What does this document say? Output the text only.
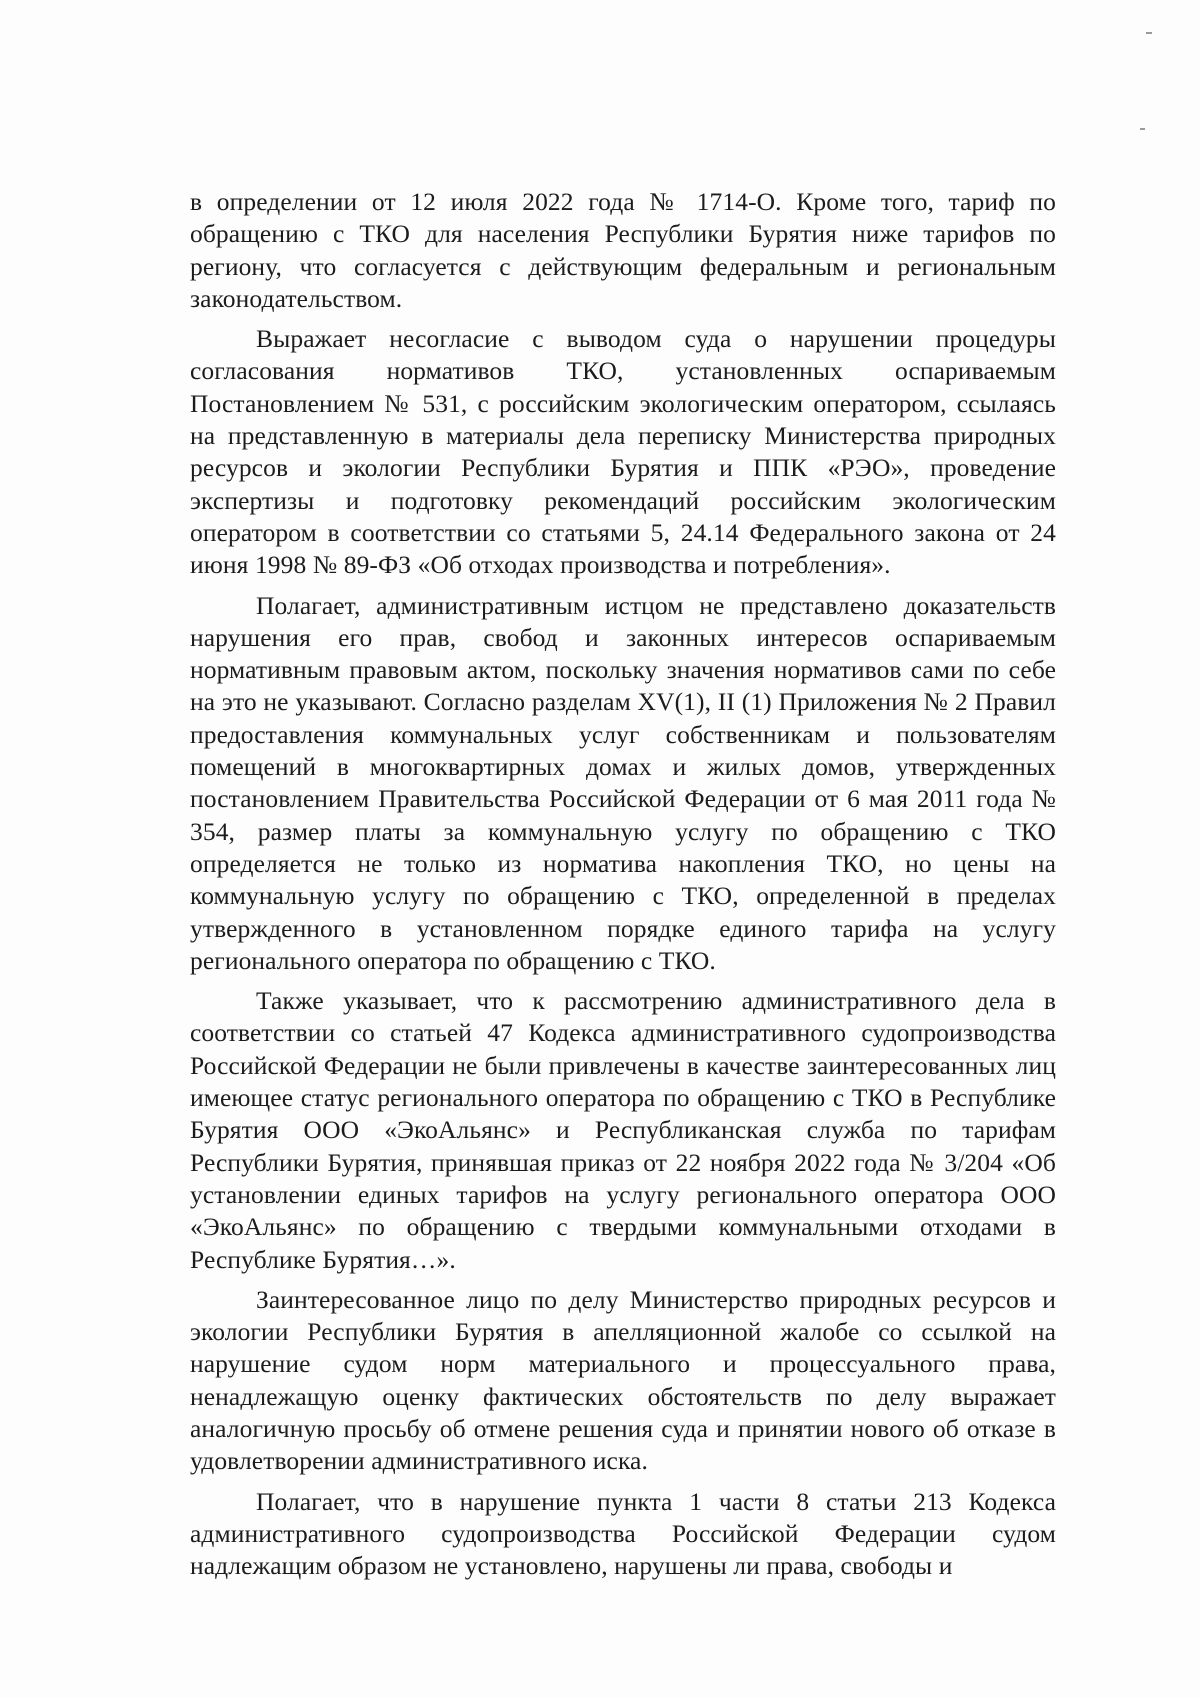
в определении от 12 июля 2022 года № 1714-О. Кроме того, тариф по обращению с ТКО для населения Республики Бурятия ниже тарифов по региону, что согласуется с действующим федеральным и региональным законодательством.

Выражает несогласие с выводом суда о нарушении процедуры согласования нормативов ТКО, установленных оспариваемым Постановлением № 531, с российским экологическим оператором, ссылаясь на представленную в материалы дела переписку Министерства природных ресурсов и экологии Республики Бурятия и ППК «РЭО», проведение экспертизы и подготовку рекомендаций российским экологическим оператором в соответствии со статьями 5, 24.14 Федерального закона от 24 июня 1998 № 89-ФЗ «Об отходах производства и потребления».

Полагает, административным истцом не представлено доказательств нарушения его прав, свобод и законных интересов оспариваемым нормативным правовым актом, поскольку значения нормативов сами по себе на это не указывают. Согласно разделам XV(1), II (1) Приложения № 2 Правил предоставления коммунальных услуг собственникам и пользователям помещений в многоквартирных домах и жилых домов, утвержденных постановлением Правительства Российской Федерации от 6 мая 2011 года № 354, размер платы за коммунальную услугу по обращению с ТКО определяется не только из норматива накопления ТКО, но цены на коммунальную услугу по обращению с ТКО, определенной в пределах утвержденного в установленном порядке единого тарифа на услугу регионального оператора по обращению с ТКО.

Также указывает, что к рассмотрению административного дела в соответствии со статьей 47 Кодекса административного судопроизводства Российской Федерации не были привлечены в качестве заинтересованных лиц имеющее статус регионального оператора по обращению с ТКО в Республике Бурятия ООО «ЭкоАльянс» и Республиканская служба по тарифам Республики Бурятия, принявшая приказ от 22 ноября 2022 года № 3/204 «Об установлении единых тарифов на услугу регионального оператора ООО «ЭкоАльянс» по обращению с твердыми коммунальными отходами в Республике Бурятия…».

Заинтересованное лицо по делу Министерство природных ресурсов и экологии Республики Бурятия в апелляционной жалобе со ссылкой на нарушение судом норм материального и процессуального права, ненадлежащую оценку фактических обстоятельств по делу выражает аналогичную просьбу об отмене решения суда и принятии нового об отказе в удовлетворении административного иска.

Полагает, что в нарушение пункта 1 части 8 статьи 213 Кодекса административного судопроизводства Российской Федерации судом надлежащим образом не установлено, нарушены ли права, свободы и
